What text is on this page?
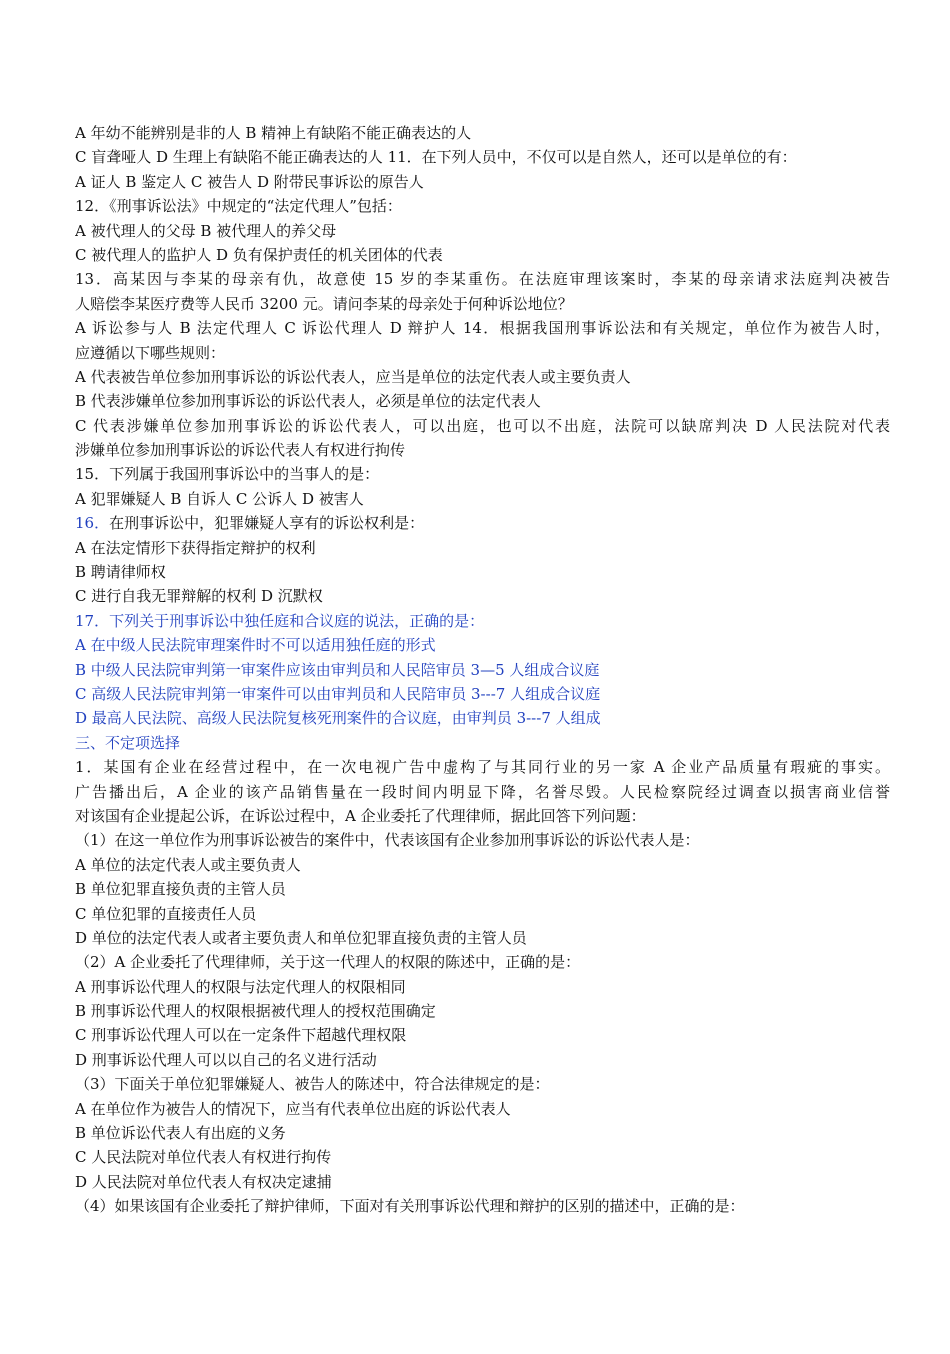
A 年幼不能辨别是非的人 B 精神上有缺陷不能正确表达的人
C 盲聋哑人 D 生理上有缺陷不能正确表达的人 11．在下列人员中，不仅可以是自然人，还可以是单位的有：
A 证人 B 鉴定人 C 被告人 D 附带民事诉讼的原告人
12．《刑事诉讼法》中规定的“法定代理人”包括：
A 被代理人的父母 B 被代理人的养父母
C 被代理人的监护人 D 负有保护责任的机关团体的代表
13．高某因与李某的母亲有仇，故意使 15 岁的李某重伤。在法庭审理该案时，李某的母亲请求法庭判决被告
人赔偿李某医疗费等人民币 3200 元。请问李某的母亲处于何种诉讼地位？
A 诉讼参与人 B 法定代理人 C 诉讼代理人 D 辩护人 14．根据我国刑事诉讼法和有关规定，单位作为被告人时，
应遵循以下哪些规则：
A 代表被告单位参加刑事诉讼的诉讼代表人，应当是单位的法定代表人或主要负责人
B 代表涉嫌单位参加刑事诉讼的诉讼代表人，必须是单位的法定代表人
C 代表涉嫌单位参加刑事诉讼的诉讼代表人，可以出庭，也可以不出庭，法院可以缺席判决 D 人民法院对代表
涉嫌单位参加刑事诉讼的诉讼代表人有权进行拘传
15．下列属于我国刑事诉讼中的当事人的是：
A 犯罪嫌疑人 B 自诉人 C 公诉人 D 被害人
16．在刑事诉讼中，犯罪嫌疑人享有的诉讼权利是：
A 在法定情形下获得指定辩护的权利
B 聘请律师权
C 进行自我无罪辩解的权利 D 沉默权
17．下列关于刑事诉讼中独任庭和合议庭的说法，正确的是：
A 在中级人民法院审理案件时不可以适用独任庭的形式
B 中级人民法院审判第一审案件应该由审判员和人民陪审员 3—5 人组成合议庭
C 高级人民法院审判第一审案件可以由审判员和人民陪审员 3---7 人组成合议庭
D 最高人民法院、高级人民法院复核死刑案件的合议庭，由审判员 3---7 人组成
三、不定项选择
1．某国有企业在经营过程中，在一次电视广告中虚构了与其同行业的另一家 A 企业产品质量有瑕疵的事实。
广告播出后，A 企业的该产品销售量在一段时间内明显下降，名誉尽毁。人民检察院经过调查以损害商业信誉
对该国有企业提起公诉，在诉讼过程中，A 企业委托了代理律师，据此回答下列问题：
（1）在这一单位作为刑事诉讼被告的案件中，代表该国有企业参加刑事诉讼的诉讼代表人是：
A 单位的法定代表人或主要负责人
B 单位犯罪直接负责的主管人员
C 单位犯罪的直接责任人员
D 单位的法定代表人或者主要负责人和单位犯罪直接负责的主管人员
（2）A 企业委托了代理律师，关于这一代理人的权限的陈述中，正确的是：
A 刑事诉讼代理人的权限与法定代理人的权限相同
B 刑事诉讼代理人的权限根据被代理人的授权范围确定
C 刑事诉讼代理人可以在一定条件下超越代理权限
D 刑事诉讼代理人可以以自己的名义进行活动
（3）下面关于单位犯罪嫌疑人、被告人的陈述中，符合法律规定的是：
A 在单位作为被告人的情况下，应当有代表单位出庭的诉讼代表人
B 单位诉讼代表人有出庭的义务
C 人民法院对单位代表人有权进行拘传
D 人民法院对单位代表人有权决定逮捕
（4）如果该国有企业委托了辩护律师，下面对有关刑事诉讼代理和辩护的区别的描述中，正确的是：
